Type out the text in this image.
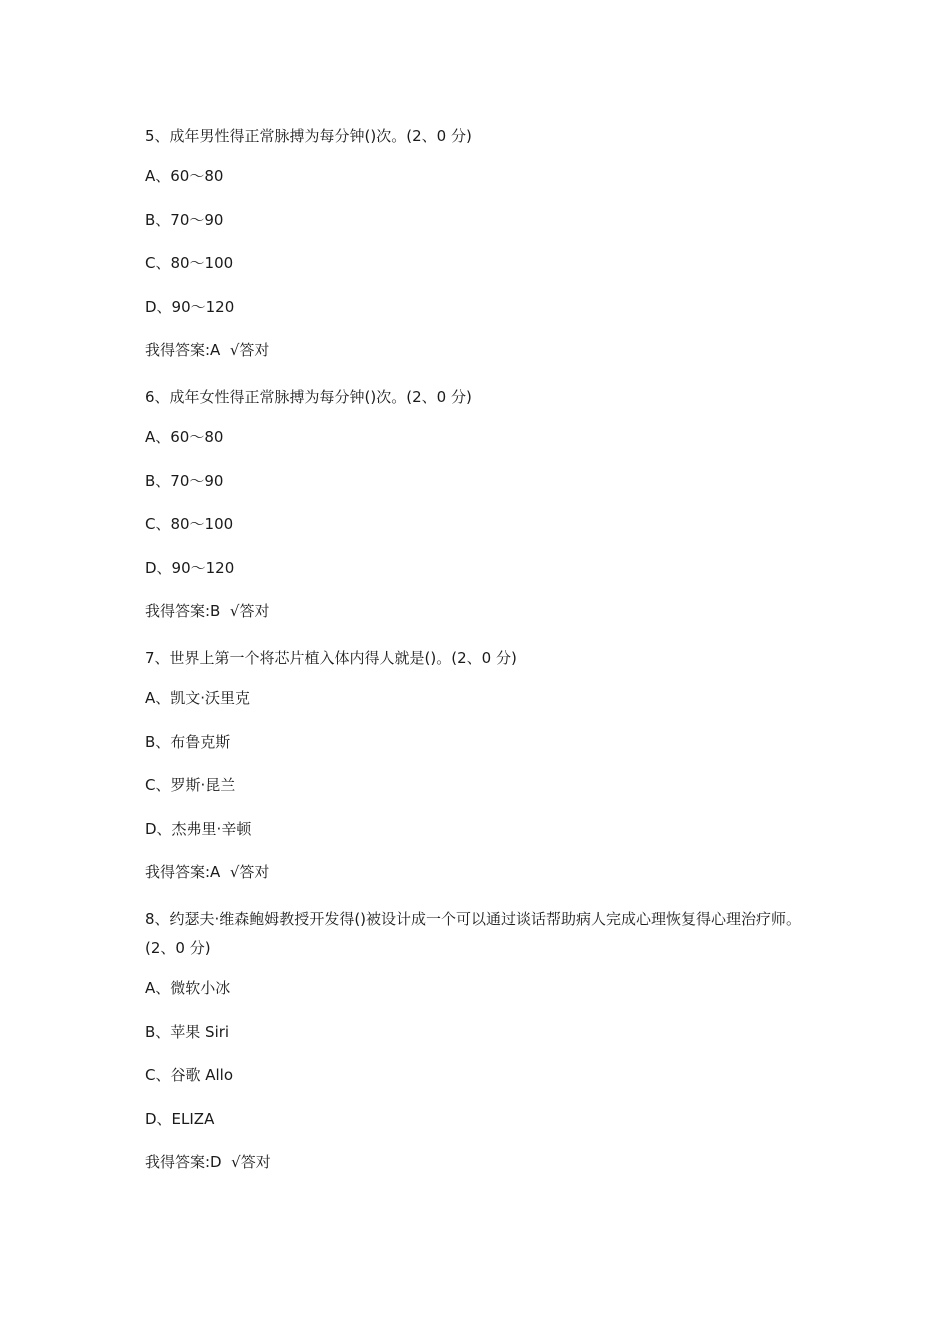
5、成年男性得正常脉搏为每分钟()次。(2、0 分)
A、60～80
B、70～90
C、80～100
D、90～120
我得答案:A  √答对
6、成年女性得正常脉搏为每分钟()次。(2、0 分)
A、60～80
B、70～90
C、80～100
D、90～120
我得答案:B  √答对
7、世界上第一个将芯片植入体内得人就是()。(2、0 分)
A、凯文·沃里克
B、布鲁克斯
C、罗斯·昆兰
D、杰弗里·辛顿
我得答案:A  √答对
8、约瑟夫·维森鲍姆教授开发得()被设计成一个可以通过谈话帮助病人完成心理恢复得心理治疗师。(2、0 分)
A、微软小冰
B、苹果 Siri
C、谷歌 Allo
D、ELIZA
我得答案:D  √答对
